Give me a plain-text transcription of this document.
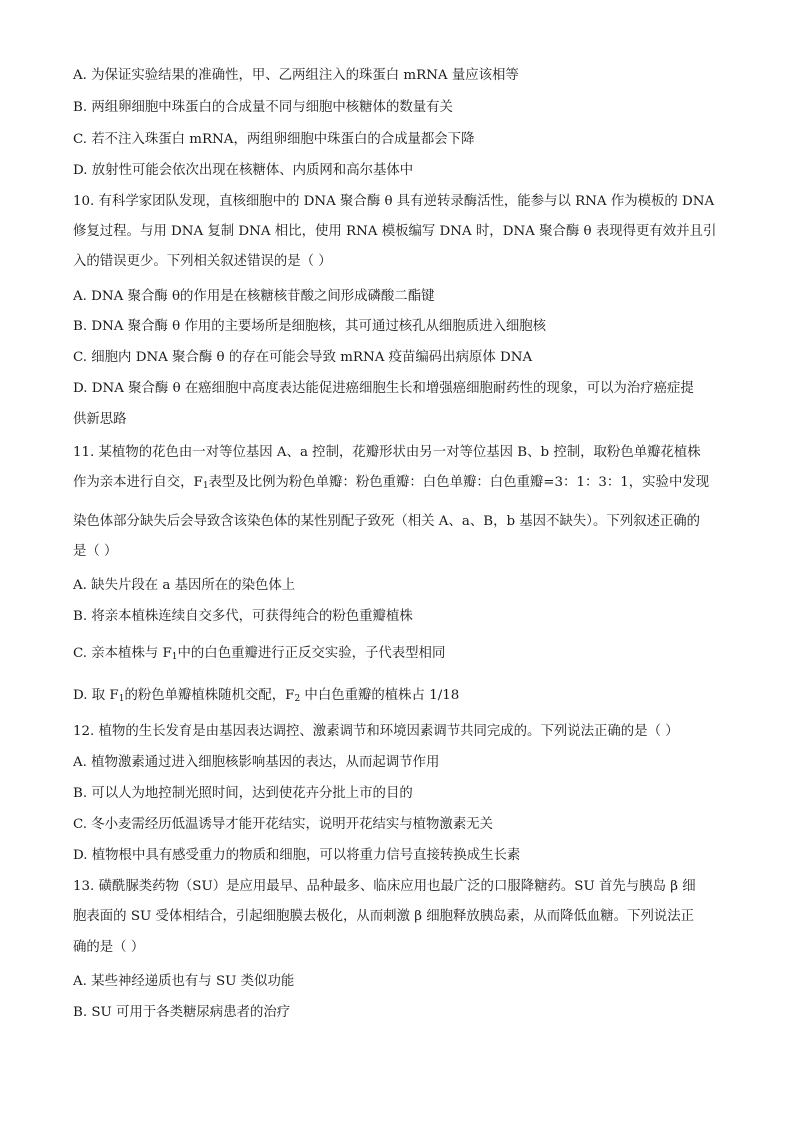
A. 为保证实验结果的准确性，甲、乙两组注入的珠蛋白 mRNA 量应该相等

B. 两组卵细胞中珠蛋白的合成量不同与细胞中核糖体的数量有关

C. 若不注入珠蛋白 mRNA，两组卵细胞中珠蛋白的合成量都会下降

D. 放射性可能会依次出现在核糖体、内质网和高尔基体中

10. 有科学家团队发现，直核细胞中的 DNA 聚合酶 θ 具有逆转录酶活性，能参与以 RNA 作为模板的 DNA

修复过程。与用 DNA 复制 DNA 相比，使用 RNA 模板编写 DNA 时，DNA 聚合酶 θ 表现得更有效并且引

入的错误更少。下列相关叙述错误的是（ ）

A. DNA 聚合酶 θ的作用是在核糖核苷酸之间形成磷酸二酯键

B. DNA 聚合酶 θ 作用的主要场所是细胞核，其可通过核孔从细胞质进入细胞核

C. 细胞内 DNA 聚合酶 θ 的存在可能会导致 mRNA 疫苗编码出病原体 DNA

D. DNA 聚合酶 θ 在癌细胞中高度表达能促进癌细胞生长和增强癌细胞耐药性的现象，可以为治疗癌症提

供新思路

11. 某植物的花色由一对等位基因 A、a 控制，花瓣形状由另一对等位基因 B、b 控制，取粉色单瓣花植株

作为亲本进行自交，$F_1$表型及比例为粉色单瓣：粉色重瓣：白色单瓣：白色重瓣=3：1：3：1，实验中发现

染色体部分缺失后会导致含该染色体的某性别配子致死（相关 A、a、B，b 基因不缺失）。下列叙述正确的

是（ ）

A. 缺失片段在 a 基因所在的染色体上

B. 将亲本植株连续自交多代，可获得纯合的粉色重瓣植株

C. 亲本植株与 $F_1$中的白色重瓣进行正反交实验，子代表型相同

D. 取 $F_1$的粉色单瓣植株随机交配，$F_2$ 中白色重瓣的植株占 1/18

12. 植物的生长发育是由基因表达调控、激素调节和环境因素调节共同完成的。下列说法正确的是（ ）

A. 植物激素通过进入细胞核影响基因的表达，从而起调节作用

B. 可以人为地控制光照时间，达到使花卉分批上市的目的

C. 冬小麦需经历低温诱导才能开花结实，说明开花结实与植物激素无关

D. 植物根中具有感受重力的物质和细胞，可以将重力信号直接转换成生长素

13. 磺酰脲类药物（SU）是应用最早、品种最多、临床应用也最广泛的口服降糖药。SU 首先与胰岛 β 细

胞表面的 SU 受体相结合，引起细胞膜去极化，从而刺激 β 细胞释放胰岛素，从而降低血糖。下列说法正

确的是（ ）

A. 某些神经递质也有与 SU 类似功能

B. SU 可用于各类糖尿病患者的治疗
